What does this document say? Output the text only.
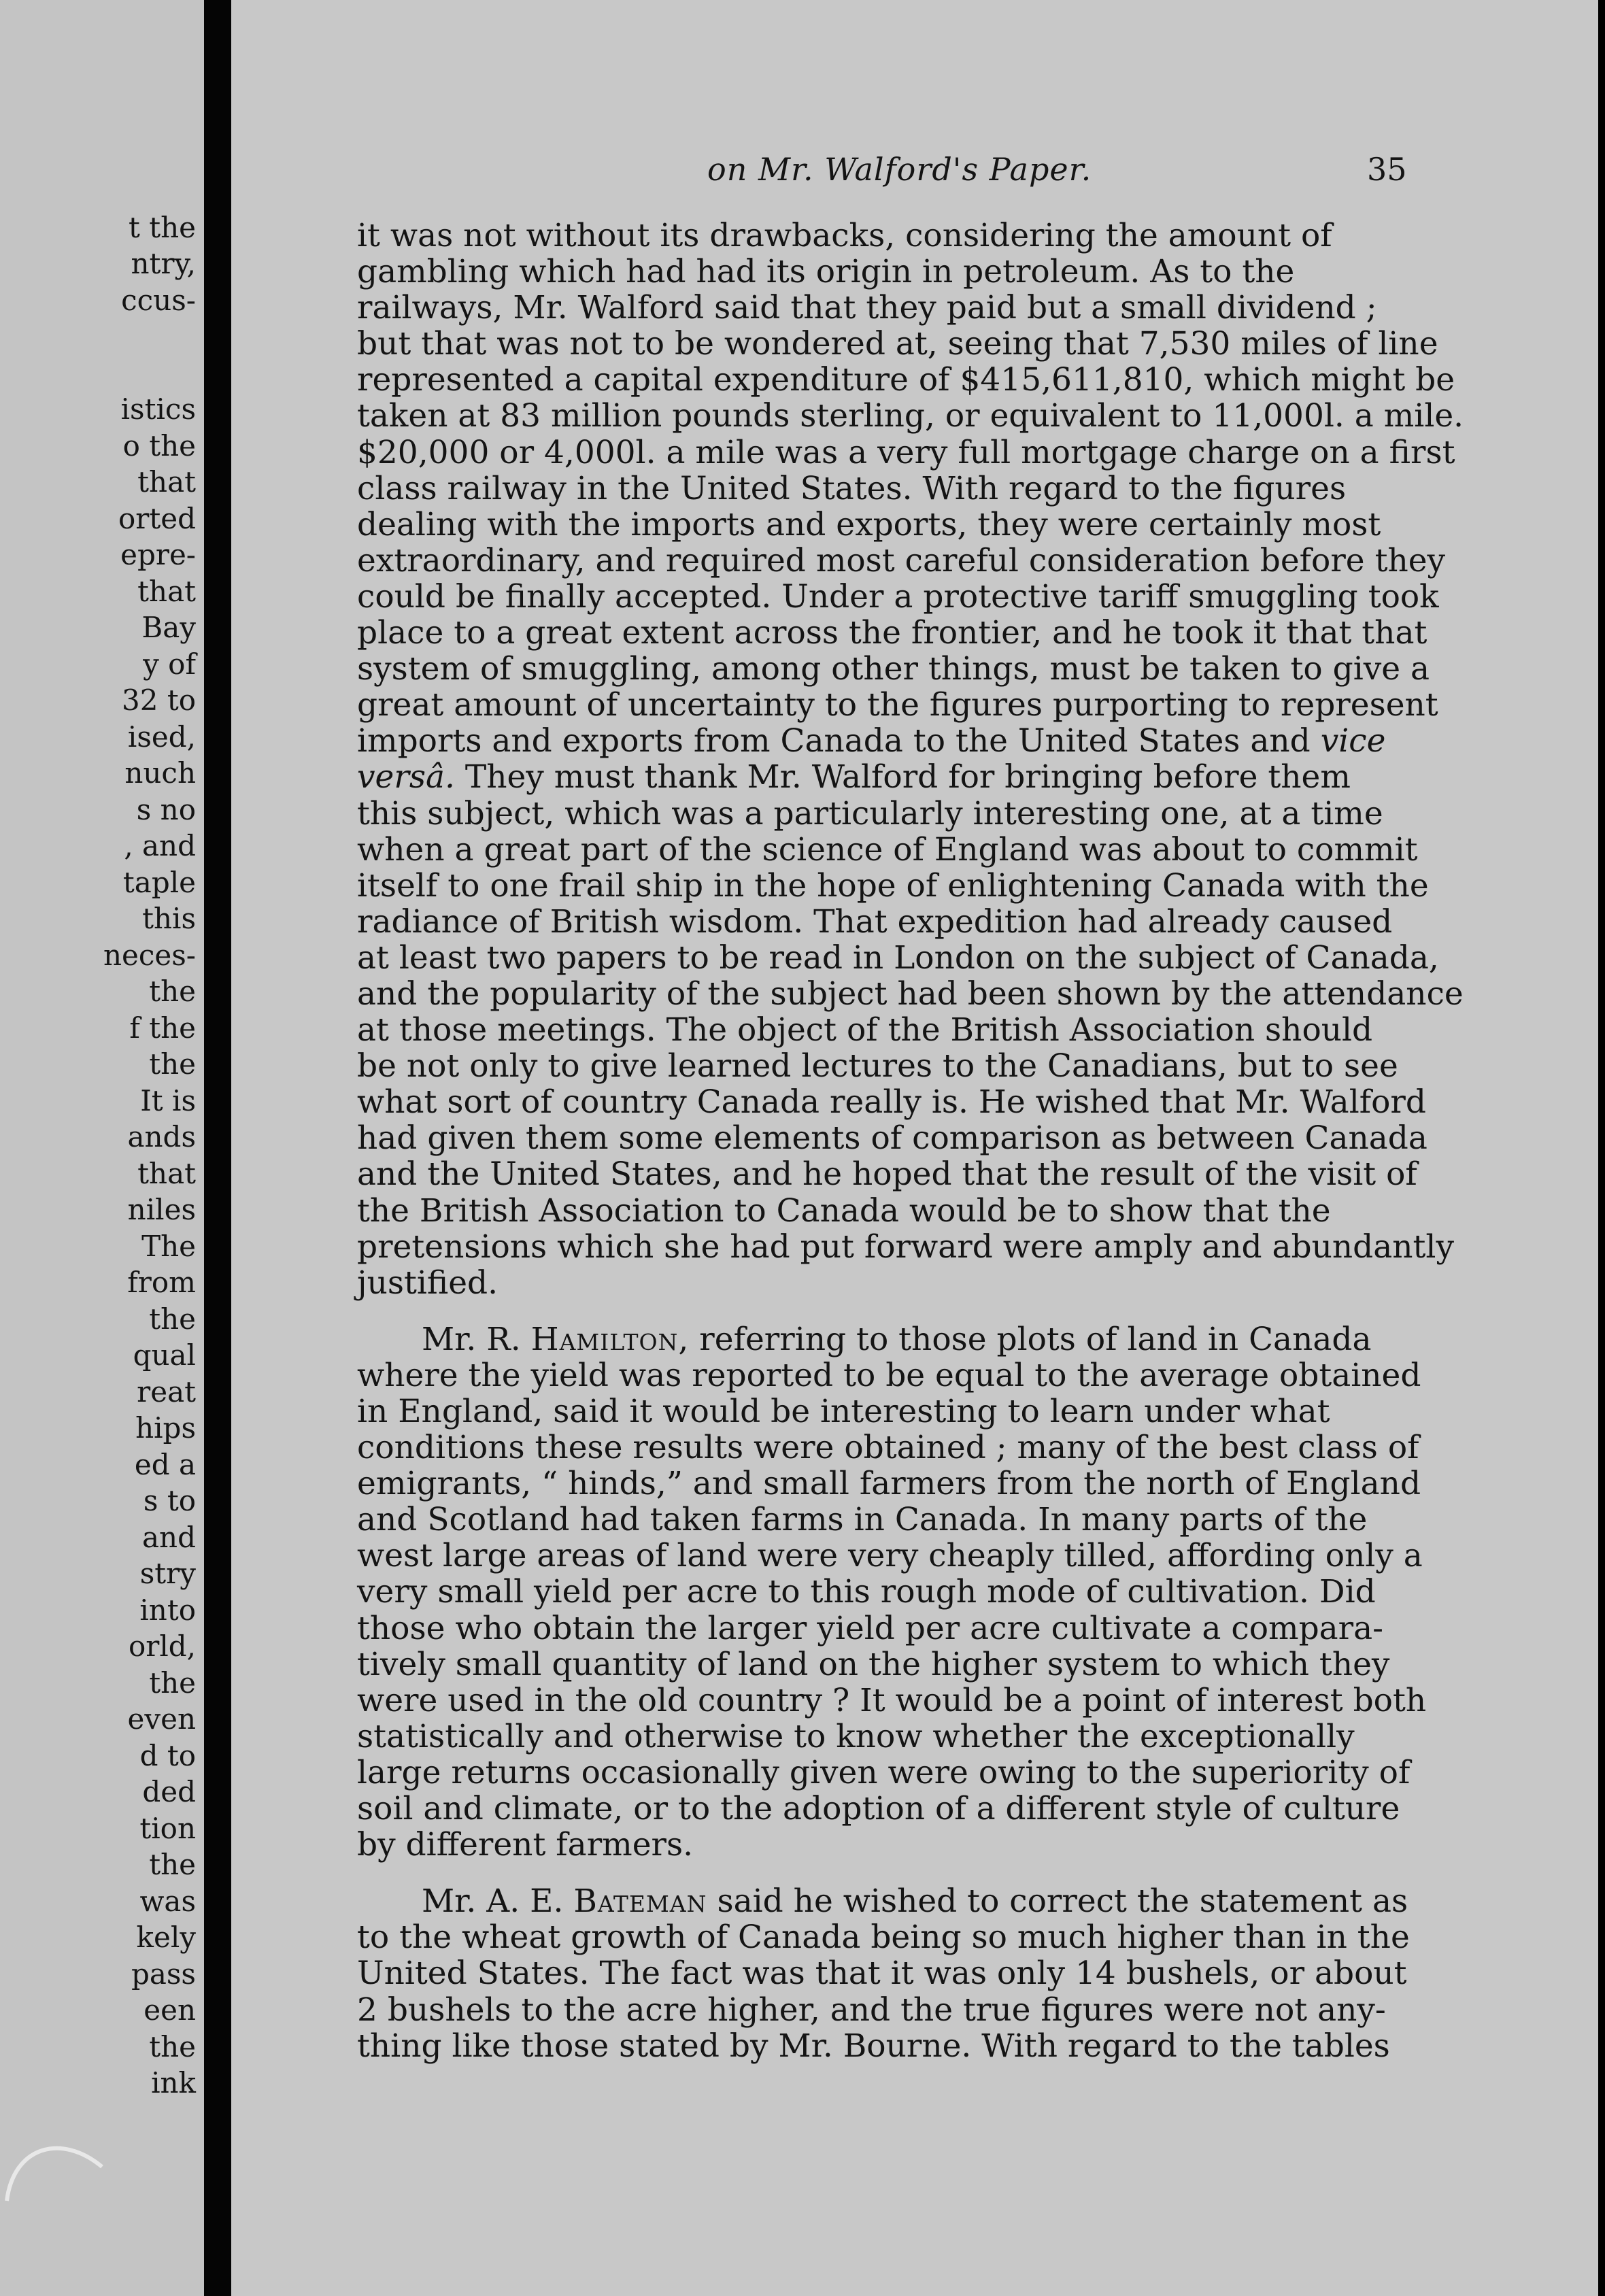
t the
ntry,
ccus-
istics
o the
that
orted
epre-
that
Bay
y of
32 to
ised,
nuch
s no
, and
taple
this
neces-
the
f the
the
It is
ands
that
niles
The
from
the
qual
reat
hips
ed a
s to
and
stry
into
orld,
the
even
d to
ded
tion
the
was
kely
pass
een
the
ink
on Mr. Walford's Paper.	35
it was not without its drawbacks, considering the amount of
gambling which had had its origin in petroleum. As to the
railways, Mr. Walford said that they paid but a small dividend ;
but that was not to be wondered at, seeing that 7,530 miles of line
represented a capital expenditure of $415,611,810, which might be
taken at 83 million pounds sterling, or equivalent to 11,000l. a mile.
$20,000 or 4,000l. a mile was a very full mortgage charge on a first
class railway in the United States. With regard to the figures
dealing with the imports and exports, they were certainly most
extraordinary, and required most careful consideration before they
could be finally accepted. Under a protective tariff smuggling took
place to a great extent across the frontier, and he took it that that
system of smuggling, among other things, must be taken to give a
great amount of uncertainty to the figures purporting to represent
imports and exports from Canada to the United States and vice
versâ. They must thank Mr. Walford for bringing before them
this subject, which was a particularly interesting one, at a time
when a great part of the science of England was about to commit
itself to one frail ship in the hope of enlightening Canada with the
radiance of British wisdom. That expedition had already caused
at least two papers to be read in London on the subject of Canada,
and the popularity of the subject had been shown by the attendance
at those meetings. The object of the British Association should
be not only to give learned lectures to the Canadians, but to see
what sort of country Canada really is. He wished that Mr. Walford
had given them some elements of comparison as between Canada
and the United States, and he hoped that the result of the visit of
the British Association to Canada would be to show that the
pretensions which she had put forward were amply and abundantly
justified.
Mr. R. Hamilton, referring to those plots of land in Canada
where the yield was reported to be equal to the average obtained
in England, said it would be interesting to learn under what
conditions these results were obtained ; many of the best class of
emigrants, “ hinds,” and small farmers from the north of England
and Scotland had taken farms in Canada. In many parts of the
west large areas of land were very cheaply tilled, affording only a
very small yield per acre to this rough mode of cultivation. Did
those who obtain the larger yield per acre cultivate a compara-
tively small quantity of land on the higher system to which they
were used in the old country ? It would be a point of interest both
statistically and otherwise to know whether the exceptionally
large returns occasionally given were owing to the superiority of
soil and climate, or to the adoption of a different style of culture
by different farmers.
Mr. A. E. Bateman said he wished to correct the statement as
to the wheat growth of Canada being so much higher than in the
United States. The fact was that it was only 14 bushels, or about
2 bushels to the acre higher, and the true figures were not any-
thing like those stated by Mr. Bourne. With regard to the tables
